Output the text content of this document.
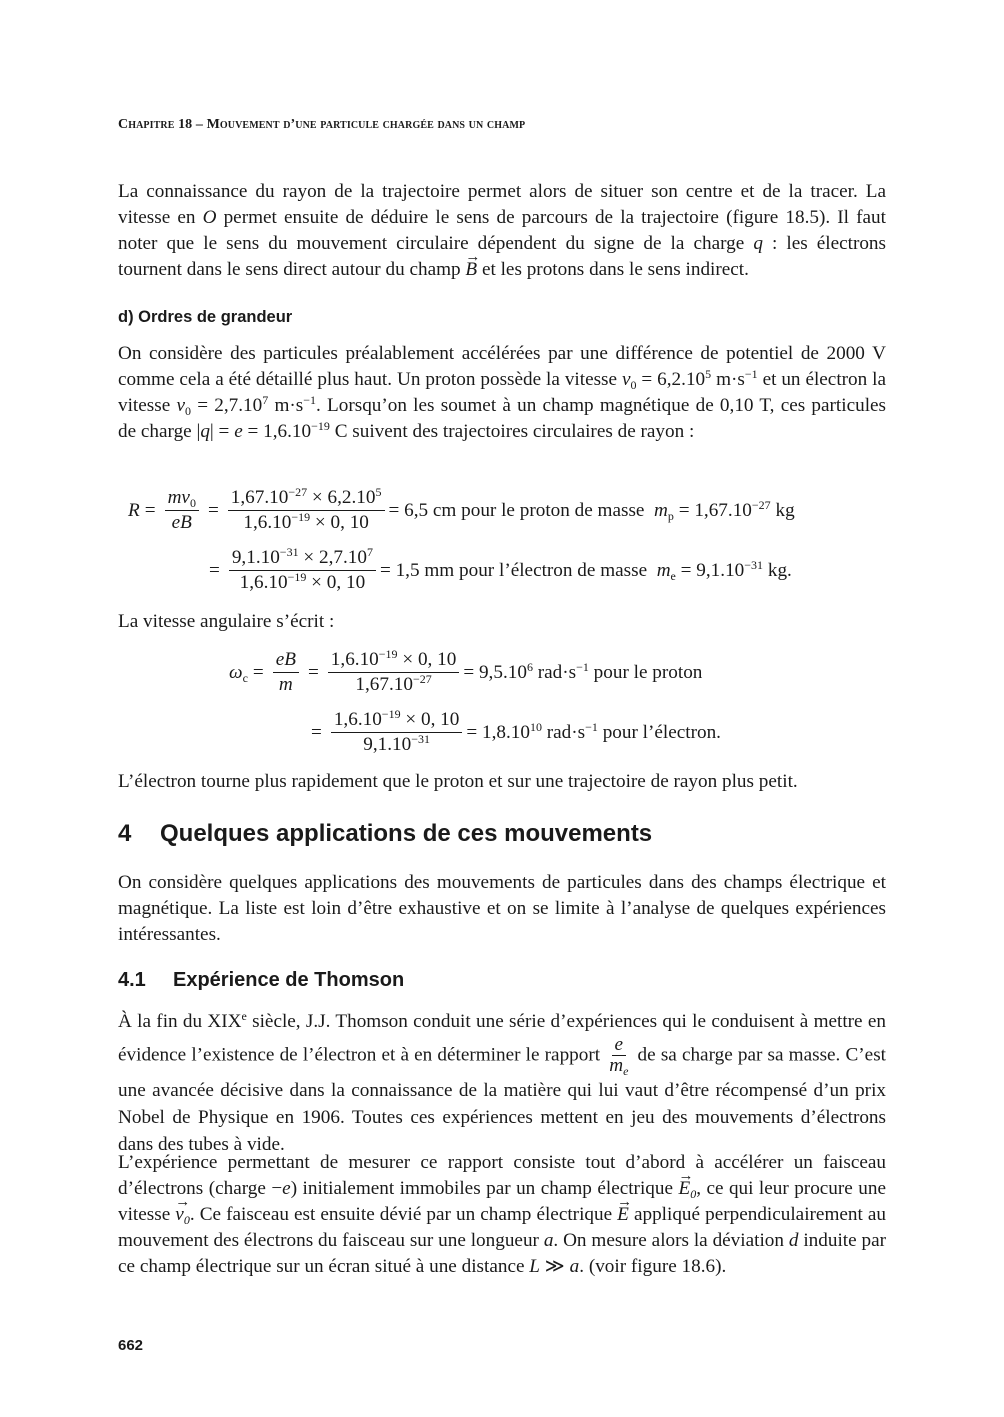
Chapitre 18 – Mouvement d’une particule chargée dans un champ
La connaissance du rayon de la trajectoire permet alors de situer son centre et de la tracer. La vitesse en O permet ensuite de déduire le sens de parcours de la trajectoire (figure 18.5). Il faut noter que le sens du mouvement circulaire dépendent du signe de la charge q : les électrons tournent dans le sens direct autour du champ → B et les protons dans le sens indirect.
d) Ordres de grandeur
On considère des particules préalablement accélérées par une différence de potentiel de 2000 V comme cela a été détaillé plus haut. Un proton possède la vitesse $v_0 = 6,2.10^5$ $m\cdot s^{-1}$ et un électron la vitesse $v_0 = 2,7.10^7$ $m\cdot s^{-1}$. Lorsqu’on les soumet à un champ magnétique de 0,10 T, ces particules de charge $|q| = e = 1,6.10^{-19}$ C suivent des trajectoires circulaires de rayon :
$R = \frac{mv_0}{eB} = \frac{1,67.10^{-27} \times 6,2.10^5}{1,6.10^{-19} \times 0, 10} = 6,5$ cm pour le proton de masse  $m_p = 1,67.10^{-27}$ kg
= $\frac{9,1.10^{-31} \times 2,7.10^7}{1,6.10^{-19} \times 0, 10} = 1,5$ mm pour l’électron de masse  $m_e = 9,1.10^{-31}$ kg.
La vitesse angulaire s’écrit :
$\omega_c = \frac{eB}{m} = \frac{1,6.10^{-19} \times 0, 10}{1,67.10^{-27}} = 9,5.10^6$ $rad\cdot s^{-1}$ pour le proton
= $\frac{1,6.10^{-19} \times 0, 10}{9,1.10^{-31}} = 1,8.10^{10}$ $rad\cdot s^{-1}$ pour l’électron.
L’électron tourne plus rapidement que le proton et sur une trajectoire de rayon plus petit.
4 Quelques applications de ces mouvements
On considère quelques applications des mouvements de particules dans des champs électrique et magnétique. La liste est loin d’être exhaustive et on se limite à l’analyse de quelques expériences intéressantes.
4.1 Expérience de Thomson
À la fin du XIXe siècle, J.J. Thomson conduit une série d’expériences qui le conduisent à mettre en évidence l’existence de l’électron et à en déterminer le rapport $\frac{e}{m_e}$ de sa charge par sa masse. C’est une avancée décisive dans la connaissance de la matière qui lui vaut d’être récompensé d’un prix Nobel de Physique en 1906. Toutes ces expériences mettent en jeu des mouvements d’électrons dans des tubes à vide.
L’expérience permettant de mesurer ce rapport consiste tout d’abord à accélérer un faisceau d’électrons (charge −e) initialement immobiles par un champ électrique → $E_0$, ce qui leur procure une vitesse → $v_0$. Ce faisceau est ensuite dévié par un champ électrique → E appliqué perpendiculairement au mouvement des électrons du faisceau sur une longueur a. On mesure alors la déviation d induite par ce champ électrique sur un écran situé à une distance L ≫ a. (voir figure 18.6).
662
